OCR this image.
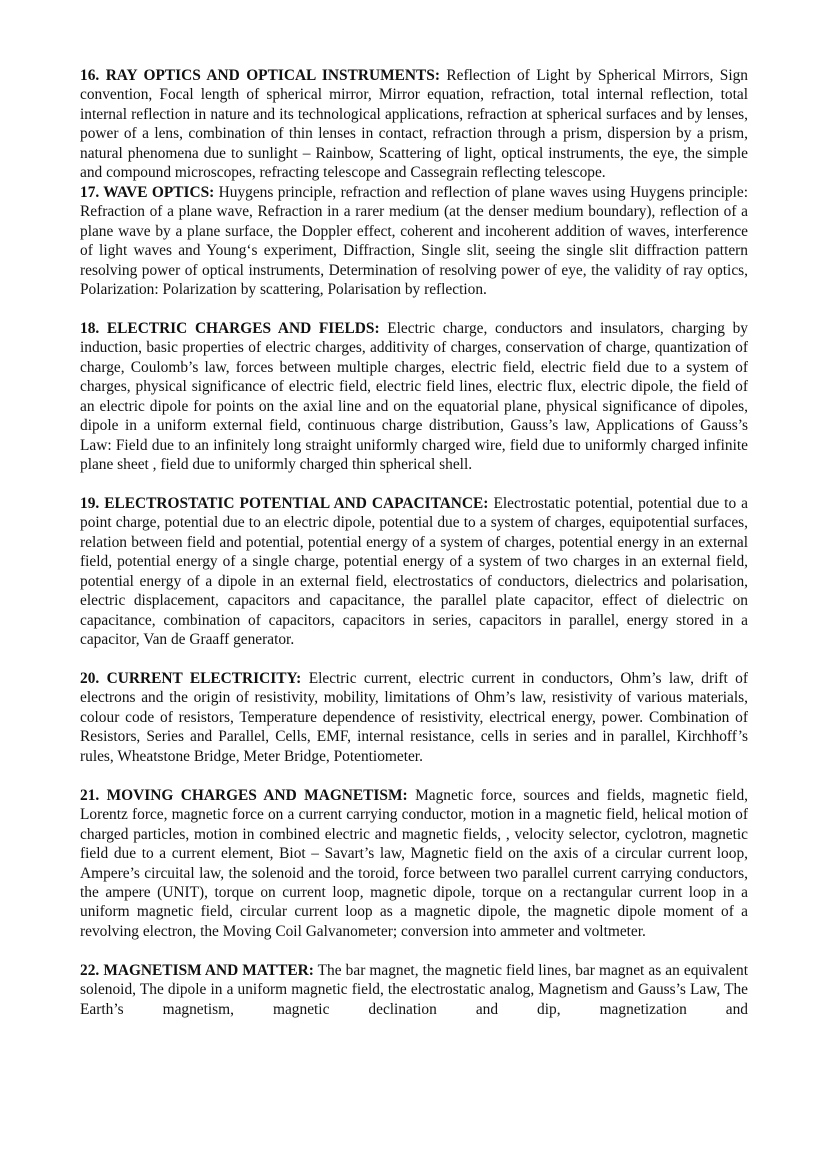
16. RAY OPTICS AND OPTICAL INSTRUMENTS: Reflection of Light by Spherical Mirrors, Sign convention, Focal length of spherical mirror, Mirror equation, refraction, total internal reflection, total internal reflection in nature and its technological applications, refraction at spherical surfaces and by lenses, power of a lens, combination of thin lenses in contact, refraction through a prism, dispersion by a prism, natural phenomena due to sunlight – Rainbow, Scattering of light, optical instruments, the eye, the simple and compound microscopes, refracting telescope and Cassegrain reflecting telescope.

17. WAVE OPTICS: Huygens principle, refraction and reflection of plane waves using Huygens principle: Refraction of a plane wave, Refraction in a rarer medium (at the denser medium boundary), reflection of a plane wave by a plane surface, the Doppler effect, coherent and incoherent addition of waves, interference of light waves and Young‘s experiment, Diffraction, Single slit, seeing the single slit diffraction pattern resolving power of optical instruments, Determination of resolving power of eye, the validity of ray optics, Polarization: Polarization by scattering, Polarisation by reflection.

18. ELECTRIC CHARGES AND FIELDS: Electric charge, conductors and insulators, charging by induction, basic properties of electric charges, additivity of charges, conservation of charge, quantization of charge, Coulomb’s law, forces between multiple charges, electric field, electric field due to a system of charges, physical significance of electric field, electric field lines, electric flux, electric dipole, the field of an electric dipole for points on the axial line and on the equatorial plane, physical significance of dipoles, dipole in a uniform external field, continuous charge distribution, Gauss’s law, Applications of Gauss’s Law: Field due to an infinitely long straight uniformly charged wire, field due to uniformly charged infinite plane sheet , field due to uniformly charged thin spherical shell.

19. ELECTROSTATIC POTENTIAL AND CAPACITANCE: Electrostatic potential, potential due to a point charge, potential due to an electric dipole, potential due to a system of charges, equipotential surfaces, relation between field and potential, potential energy of a system of charges, potential energy in an external field, potential energy of a single charge, potential energy of a system of two charges in an external field, potential energy of a dipole in an external field, electrostatics of conductors, dielectrics and polarisation, electric displacement, capacitors and capacitance, the parallel plate capacitor, effect of dielectric on capacitance, combination of capacitors, capacitors in series, capacitors in parallel, energy stored in a capacitor, Van de Graaff generator.

20. CURRENT ELECTRICITY: Electric current, electric current in conductors, Ohm’s law, drift of electrons and the origin of resistivity, mobility, limitations of Ohm’s law, resistivity of various materials, colour code of resistors, Temperature dependence of resistivity, electrical energy, power. Combination of Resistors, Series and Parallel, Cells, EMF, internal resistance, cells in series and in parallel, Kirchhoff’s rules, Wheatstone Bridge, Meter Bridge, Potentiometer.

21. MOVING CHARGES AND MAGNETISM: Magnetic force, sources and fields, magnetic field, Lorentz force, magnetic force on a current carrying conductor, motion in a magnetic field, helical motion of charged particles, motion in combined electric and magnetic fields, , velocity selector, cyclotron, magnetic field due to a current element, Biot – Savart’s law, Magnetic field on the axis of a circular current loop, Ampere’s circuital law, the solenoid and the toroid, force between two parallel current carrying conductors, the ampere (UNIT), torque on current loop, magnetic dipole, torque on a rectangular current loop in a uniform magnetic field, circular current loop as a magnetic dipole, the magnetic dipole moment of a revolving electron, the Moving Coil Galvanometer; conversion into ammeter and voltmeter.

22. MAGNETISM AND MATTER: The bar magnet, the magnetic field lines, bar magnet as an equivalent solenoid, The dipole in a uniform magnetic field, the electrostatic analog, Magnetism and Gauss’s Law, The Earth’s magnetism, magnetic declination and dip, magnetization and
